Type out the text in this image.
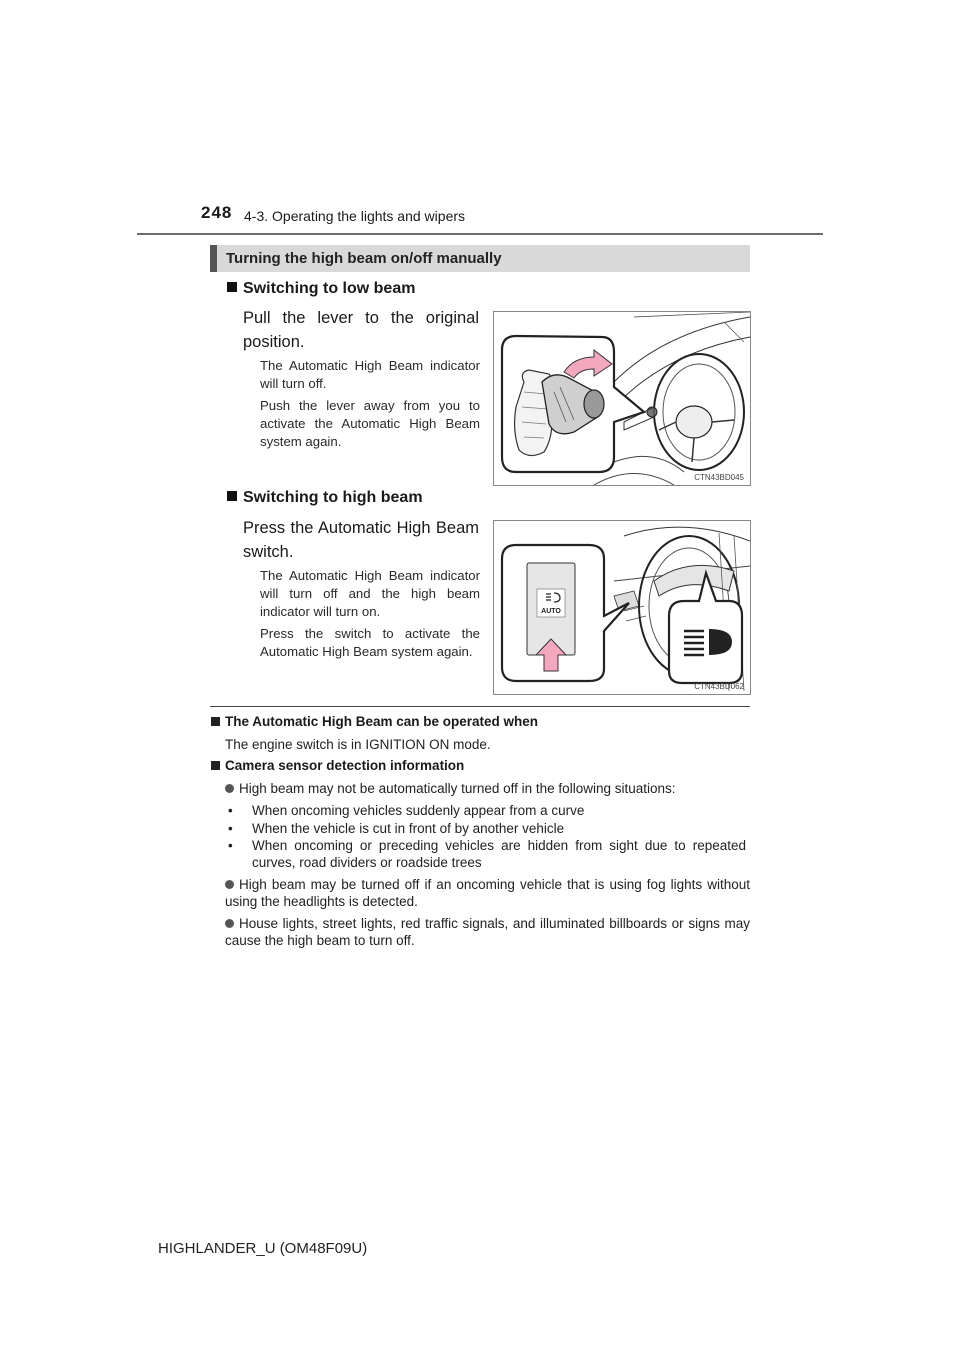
248 4-3. Operating the lights and wipers
Turning the high beam on/off manually
Switching to low beam
Pull the lever to the original position.
The Automatic High Beam indicator will turn off.
Push the lever away from you to activate the Automatic High Beam system again.
CTN43BD045
Switching to high beam
Press the Automatic High Beam switch.
The Automatic High Beam indicator will turn off and the high beam indicator will turn on.
Press the switch to activate the Automatic High Beam system again.
AUTO
CTN43BD062
The Automatic High Beam can be operated when
The engine switch is in IGNITION ON mode.
Camera sensor detection information
High beam may not be automatically turned off in the following situations:
• When oncoming vehicles suddenly appear from a curve
• When the vehicle is cut in front of by another vehicle
• When oncoming or preceding vehicles are hidden from sight due to repeated curves, road dividers or roadside trees
High beam may be turned off if an oncoming vehicle that is using fog lights without using the headlights is detected.
House lights, street lights, red traffic signals, and illuminated billboards or signs may cause the high beam to turn off.
HIGHLANDER_U (OM48F09U)
